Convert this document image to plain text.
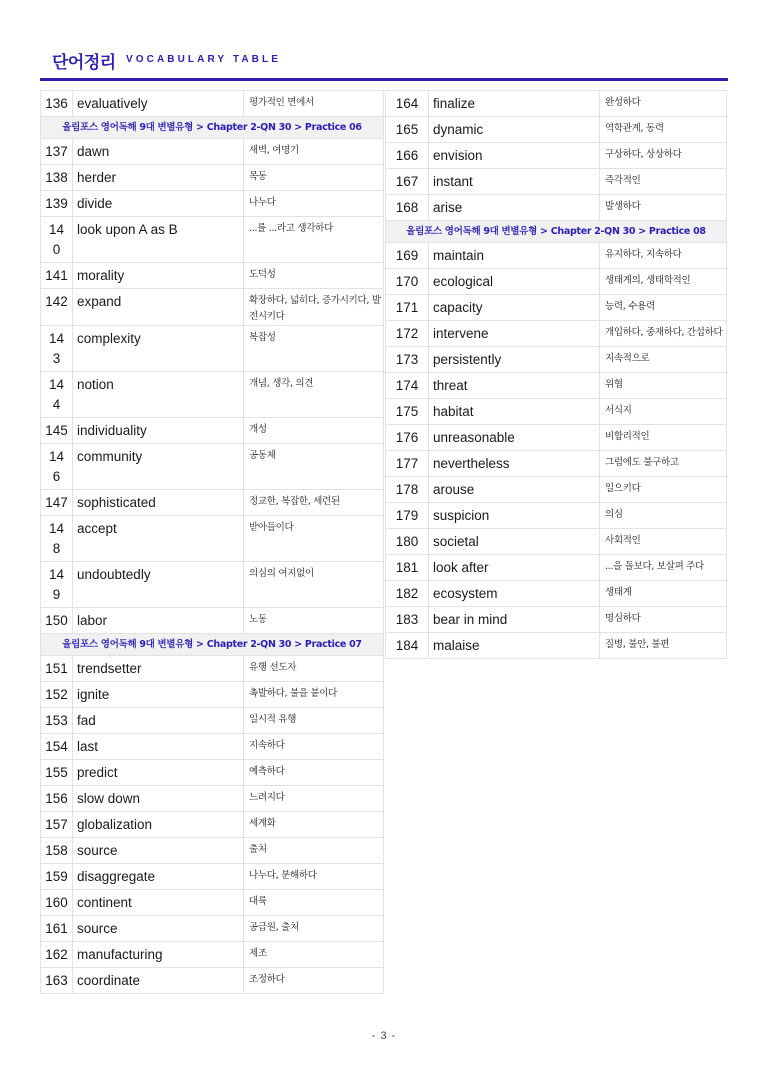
단어정리 VOCABULARY TABLE
136	evaluatively	평가적인 면에서
올림포스 영어독해 9대 변별유형 > Chapter 2-QN 30 > Practice 06		
137	dawn	새벽, 여명기
138	herder	목동
139	divide	나누다
140	look upon A as B	...를 ...라고 생각하다
141	morality	도덕성
142	expand	확장하다, 넓히다, 증가시키다, 발전시키다
143	complexity	복잡성
144	notion	개념, 생각, 의견
145	individuality	개성
146	community	공동체
147	sophisticated	정교한, 복잡한, 세련된
148	accept	받아들이다
149	undoubtedly	의심의 여지없이
150	labor	노동
올림포스 영어독해 9대 변별유형 > Chapter 2-QN 30 > Practice 07		
151	trendsetter	유행 선도자
152	ignite	촉발하다, 불을 붙이다
153	fad	일시적 유행
154	last	지속하다
155	predict	예측하다
156	slow down	느려지다
157	globalization	세계화
158	source	출처
159	disaggregate	나누다, 분해하다
160	continent	대륙
161	source	공급원, 출처
162	manufacturing	제조
163	coordinate	조정하다
164	finalize	완성하다
165	dynamic	역학관계, 동력
166	envision	구상하다, 상상하다
167	instant	즉각적인
168	arise	발생하다
올림포스 영어독해 9대 변별유형 > Chapter 2-QN 30 > Practice 08		
169	maintain	유지하다, 지속하다
170	ecological	생태계의, 생태학적인
171	capacity	능력, 수용력
172	intervene	개입하다, 중재하다, 간섭하다
173	persistently	지속적으로
174	threat	위협
175	habitat	서식지
176	unreasonable	비합리적인
177	nevertheless	그럼에도 불구하고
178	arouse	일으키다
179	suspicion	의심
180	societal	사회적인
181	look after	...을 돌보다, 보살펴 주다
182	ecosystem	생태계
183	bear in mind	명심하다
184	malaise	질병, 불안, 불편
- 3 -
